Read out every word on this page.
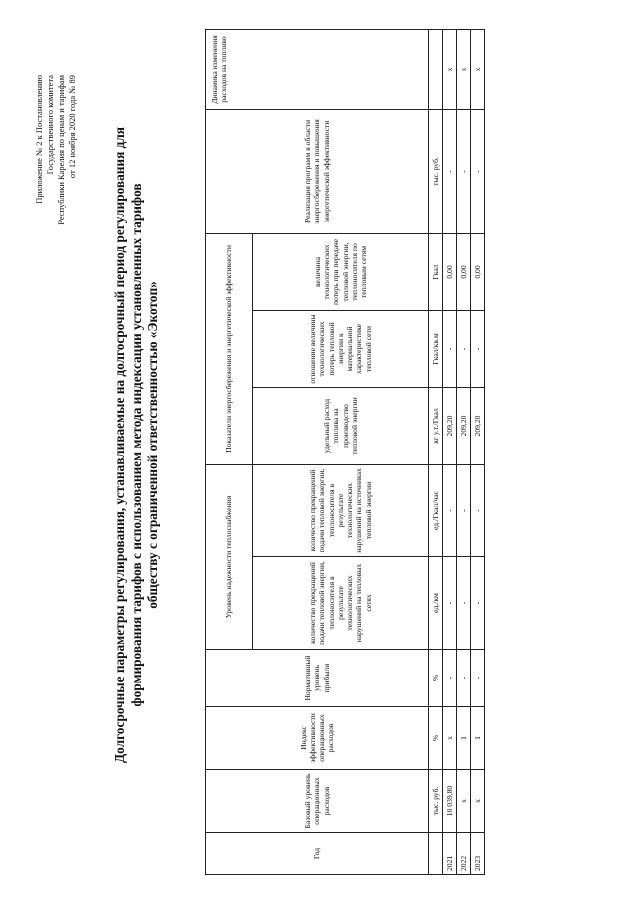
Приложение № 2 к Постановлению Государственного комитета Республики Карелия по ценам и тарифам от 12 ноября 2020 года № 89
Долгосрочные параметры регулирования, устанавливаемые на долгосрочный период регулирования для формирования тарифов с использованием метода индексации установленных тарифов обществу с ограниченной ответственностью «Экотоп»
Год	Базовый уровень операционных расходов	Индекс эффективности операционных расходов	Нормативный уровень прибыли	Уровень надежности теплоснабжения		Показатели энергосбережения и энергетической эффективности			Реализация программ в области энергосбережения и повышения энергетической эффективности	Динамика изменения расходов на топливо
				количество прекращений подачи тепловой энергии, теплоносителя в результате технологических нарушений на тепловых сетях	количество прекращений подачи тепловой энергии, теплоносителя в результате технологических нарушений на источниках тепловой энергии	удельный расход топлива на производство тепловой энергии	отношение величины технологических потерь тепловой энергии к материальной характеристике тепловой сети	величина технологических потерь при передаче тепловой энергии, теплоносителя по тепловым сетям		
	тыс. руб.	%	%	ед./км	ед./Гкал/час	кг у.т./Гкал	Гкал/кв.м	Гкал	тыс. руб.	
2021	10 039,80	x	-	-	-	209,20	-	0,00	-	x
2022	x	1	-	-	-	209,20	-	0,00	-	x
2023	x	1	-	-	-	209,20	-	0,00	-	x
